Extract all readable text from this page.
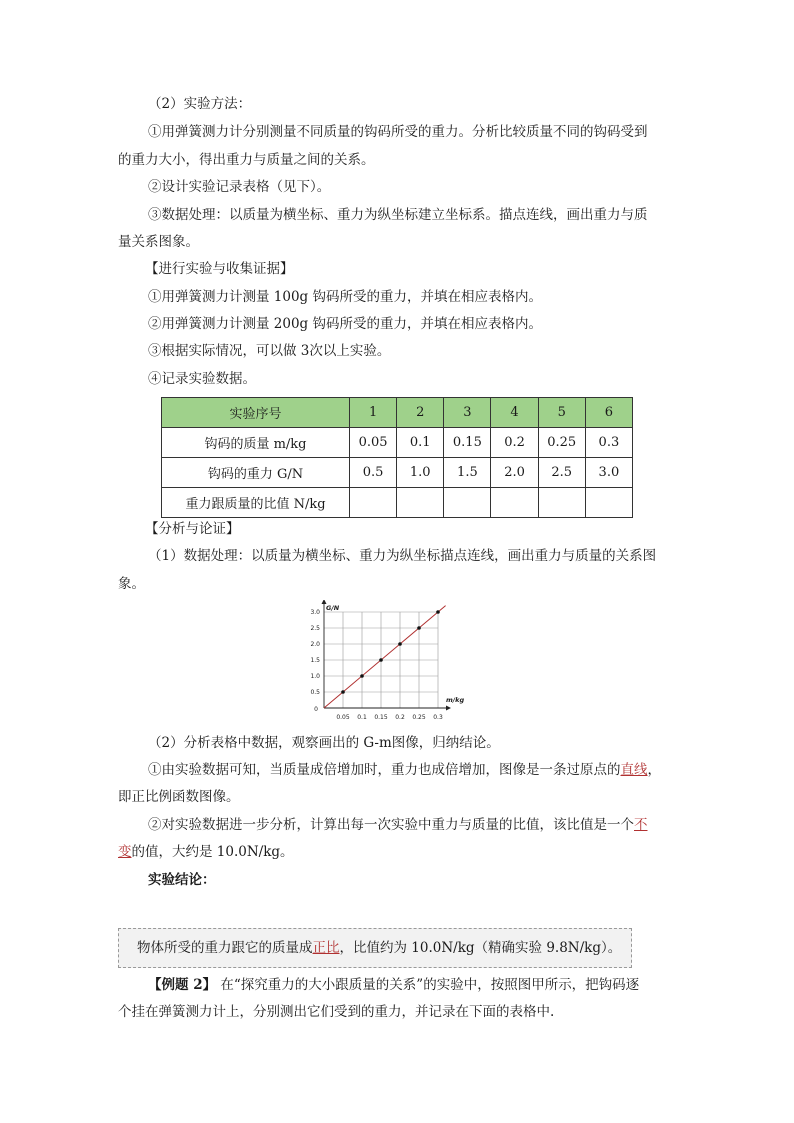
（2）实验方法：
①用弹簧测力计分别测量不同质量的钩码所受的重力。分析比较质量不同的钩码受到
的重力大小，得出重力与质量之间的关系。
②设计实验记录表格（见下）。
③数据处理：以质量为横坐标、重力为纵坐标建立坐标系。描点连线，画出重力与质
量关系图象。
【进行实验与收集证据】
①用弹簧测力计测量 100g 钩码所受的重力，并填在相应表格内。
②用弹簧测力计测量 200g 钩码所受的重力，并填在相应表格内。
③根据实际情况，可以做 3次以上实验。
④记录实验数据。
实验序号	1	2	3	4	5	6
钩码的质量 m/kg	0.05	0.1	0.15	0.2	0.25	0.3
钩码的重力 G/N	0.5	1.0	1.5	2.0	2.5	3.0
重力跟质量的比值 N/kg						
【分析与论证】
（1）数据处理：以质量为横坐标、重力为纵坐标描点连线，画出重力与质量的关系图
象。
0.05 0.1 0.15 0.2 0.25 0.3
0.5
1.0
1.5
2.0
2.5
3.0
0
G/N
m/kg
（2）分析表格中数据，观察画出的 G-m图像，归纳结论。
①由实验数据可知，当质量成倍增加时，重力也成倍增加，图像是一条过原点的直线，
即正比例函数图像。
②对实验数据进一步分析，计算出每一次实验中重力与质量的比值，该比值是一个不
变的值，大约是 10.0N/kg。
实验结论：
物体所受的重力跟它的质量成正比，比值约为 10.0N/kg（精确实验 9.8N/kg）。
【例题 2】 在“探究重力的大小跟质量的关系”的实验中，按照图甲所示，把钩码逐
个挂在弹簧测力计上，分别测出它们受到的重力，并记录在下面的表格中.
